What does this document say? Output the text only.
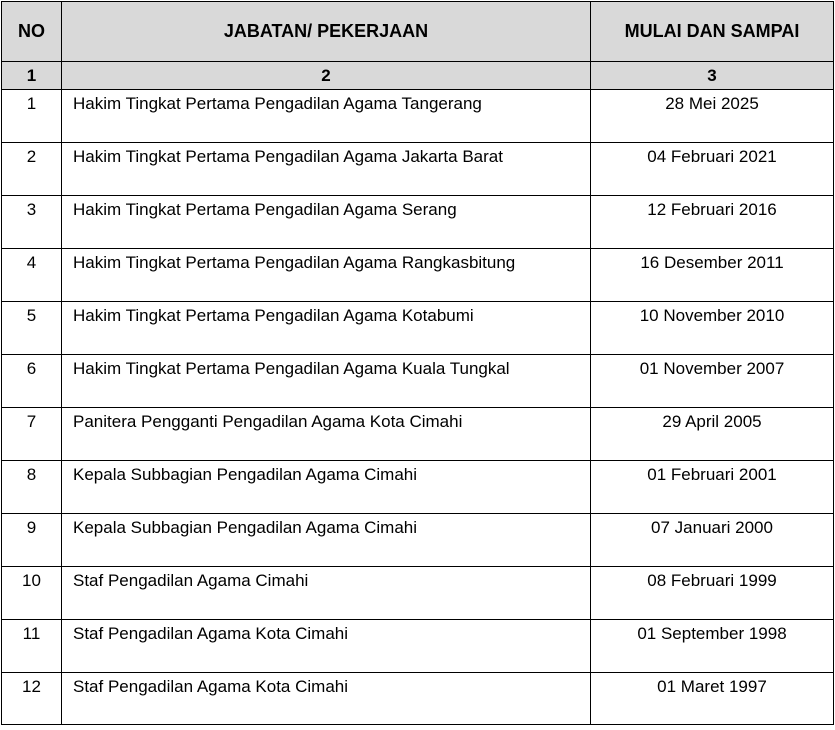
NO	JABATAN/ PEKERJAAN	MULAI DAN SAMPAI
1	2	3
1	Hakim Tingkat Pertama Pengadilan Agama Tangerang	28 Mei 2025
2	Hakim Tingkat Pertama Pengadilan Agama Jakarta Barat	04 Februari 2021
3	Hakim Tingkat Pertama Pengadilan Agama Serang	12 Februari 2016
4	Hakim Tingkat Pertama Pengadilan Agama Rangkasbitung	16 Desember 2011
5	Hakim Tingkat Pertama Pengadilan Agama Kotabumi	10 November 2010
6	Hakim Tingkat Pertama Pengadilan Agama Kuala Tungkal	01 November 2007
7	Panitera Pengganti Pengadilan Agama Kota Cimahi	29 April 2005
8	Kepala Subbagian Pengadilan Agama Cimahi	01 Februari 2001
9	Kepala Subbagian Pengadilan Agama Cimahi	07 Januari 2000
10	Staf Pengadilan Agama Cimahi	08 Februari 1999
11	Staf Pengadilan Agama Kota Cimahi	01 September 1998
12	Staf Pengadilan Agama Kota Cimahi	01 Maret 1997
